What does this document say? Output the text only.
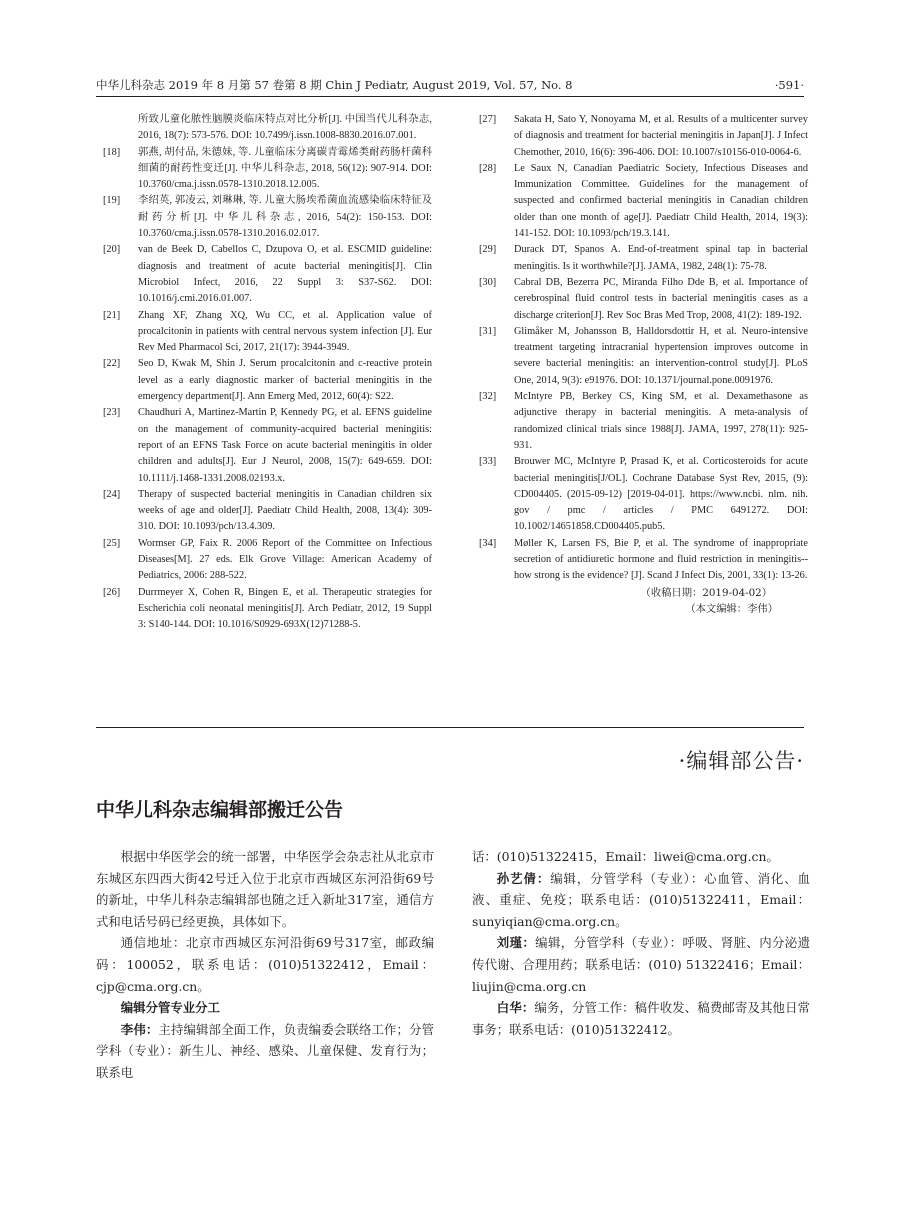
中华儿科杂志 2019 年 8 月第 57 卷第 8 期 Chin J Pediatr, August 2019, Vol. 57, No. 8	·591·
所致儿童化脓性脑膜炎临床特点对比分析[J]. 中国当代儿科杂志, 2016, 18(7): 573-576. DOI: 10.7499/j.issn.1008-8830.2016.07.001.
[18] 郭燕, 胡付品, 朱德妹, 等. 儿童临床分离碳青霉烯类耐药肠杆菌科细菌的耐药性变迁[J]. 中华儿科杂志, 2018, 56(12): 907-914. DOI: 10.3760/cma.j.issn.0578-1310.2018.12.005.
[19] 李绍英, 郭凌云, 刘琳琳, 等. 儿童大肠埃希菌血流感染临床特征及耐药分析[J]. 中华儿科杂志, 2016, 54(2): 150-153. DOI: 10.3760/cma.j.issn.0578-1310.2016.02.017.
[20] van de Beek D, Cabellos C, Dzupova O, et al. ESCMID guideline: diagnosis and treatment of acute bacterial meningitis[J]. Clin Microbiol Infect, 2016, 22 Suppl 3: S37-S62. DOI: 10.1016/j.cmi.2016.01.007.
[21] Zhang XF, Zhang XQ, Wu CC, et al. Application value of procalcitonin in patients with central nervous system infection [J]. Eur Rev Med Pharmacol Sci, 2017, 21(17): 3944-3949.
[22] Seo D, Kwak M, Shin J. Serum procalcitonin and c-reactive protein level as a early diagnostic marker of bacterial meningitis in the emergency department[J]. Ann Emerg Med, 2012, 60(4): S22.
[23] Chaudhuri A, Martinez-Martin P, Kennedy PG, et al. EFNS guideline on the management of community-acquired bacterial meningitis: report of an EFNS Task Force on acute bacterial meningitis in older children and adults[J]. Eur J Neurol, 2008, 15(7): 649-659. DOI: 10.1111/j.1468-1331.2008.02193.x.
[24] Therapy of suspected bacterial meningitis in Canadian children six weeks of age and older[J]. Paediatr Child Health, 2008, 13(4): 309-310. DOI: 10.1093/pch/13.4.309.
[25] Wormser GP, Faix R. 2006 Report of the Committee on Infectious Diseases[M]. 27 eds. Elk Grove Village: American Academy of Pediatrics, 2006: 288-522.
[26] Durrmeyer X, Cohen R, Bingen E, et al. Therapeutic strategies for Escherichia coli neonatal meningitis[J]. Arch Pediatr, 2012, 19 Suppl 3: S140-144. DOI: 10.1016/S0929-693X(12)71288-5.
[27] Sakata H, Sato Y, Nonoyama M, et al. Results of a multicenter survey of diagnosis and treatment for bacterial meningitis in Japan[J]. J Infect Chemother, 2010, 16(6): 396-406. DOI: 10.1007/s10156-010-0064-6.
[28] Le Saux N, Canadian Paediatric Society, Infectious Diseases and Immunization Committee. Guidelines for the management of suspected and confirmed bacterial meningitis in Canadian children older than one month of age[J]. Paediatr Child Health, 2014, 19(3): 141-152. DOI: 10.1093/pch/19.3.141.
[29] Durack DT, Spanos A. End-of-treatment spinal tap in bacterial meningitis. Is it worthwhile?[J]. JAMA, 1982, 248(1): 75-78.
[30] Cabral DB, Bezerra PC, Miranda Filho Dde B, et al. Importance of cerebrospinal fluid control tests in bacterial meningitis cases as a discharge criterion[J]. Rev Soc Bras Med Trop, 2008, 41(2): 189-192.
[31] Glimåker M, Johansson B, Halldorsdottir H, et al. Neuro-intensive treatment targeting intracranial hypertension improves outcome in severe bacterial meningitis: an intervention-control study[J]. PLoS One, 2014, 9(3): e91976. DOI: 10.1371/journal.pone.0091976.
[32] McIntyre PB, Berkey CS, King SM, et al. Dexamethasone as adjunctive therapy in bacterial meningitis. A meta-analysis of randomized clinical trials since 1988[J]. JAMA, 1997, 278(11): 925-931.
[33] Brouwer MC, McIntyre P, Prasad K, et al. Corticosteroids for acute bacterial meningitis[J/OL]. Cochrane Database Syst Rev, 2015, (9): CD004405. (2015-09-12) [2019-04-01]. https://www.ncbi. nlm. nih. gov / pmc / articles / PMC 6491272. DOI: 10.1002/14651858.CD004405.pub5.
[34] Møller K, Larsen FS, Bie P, et al. The syndrome of inappropriate secretion of antidiuretic hormone and fluid restriction in meningitis--how strong is the evidence? [J]. Scand J Infect Dis, 2001, 33(1): 13-26.
（收稿日期：2019-04-02）
（本文编辑：李伟）
·编辑部公告·
中华儿科杂志编辑部搬迁公告

根据中华医学会的统一部署，中华医学会杂志社从北京市东城区东四西大街42号迁入位于北京市西城区东河沿街69号的新址，中华儿科杂志编辑部也随之迁入新址317室，通信方式和电话号码已经更换，具体如下。

通信地址：北京市西城区东河沿街69号317室，邮政编码：100052，联系电话：(010)51322412，Email：cjp@cma.org.cn。

编辑分管专业分工

李伟：主持编辑部全面工作，负责编委会联络工作；分管学科（专业）：新生儿、神经、感染、儿童保健、发育行为；联系电

话：(010)51322415，Email：liwei@cma.org.cn。

孙艺倩：编辑，分管学科（专业）：心血管、消化、血液、重症、免疫；联系电话：(010)51322411，Email：sunyiqian@cma.org.cn。

刘瑾：编辑，分管学科（专业）：呼吸、肾脏、内分泌遗传代谢、合理用药；联系电话：(010) 51322416；Email：liujin@cma.org.cn

白华：编务，分管工作：稿件收发、稿费邮寄及其他日常事务；联系电话：(010)51322412。
